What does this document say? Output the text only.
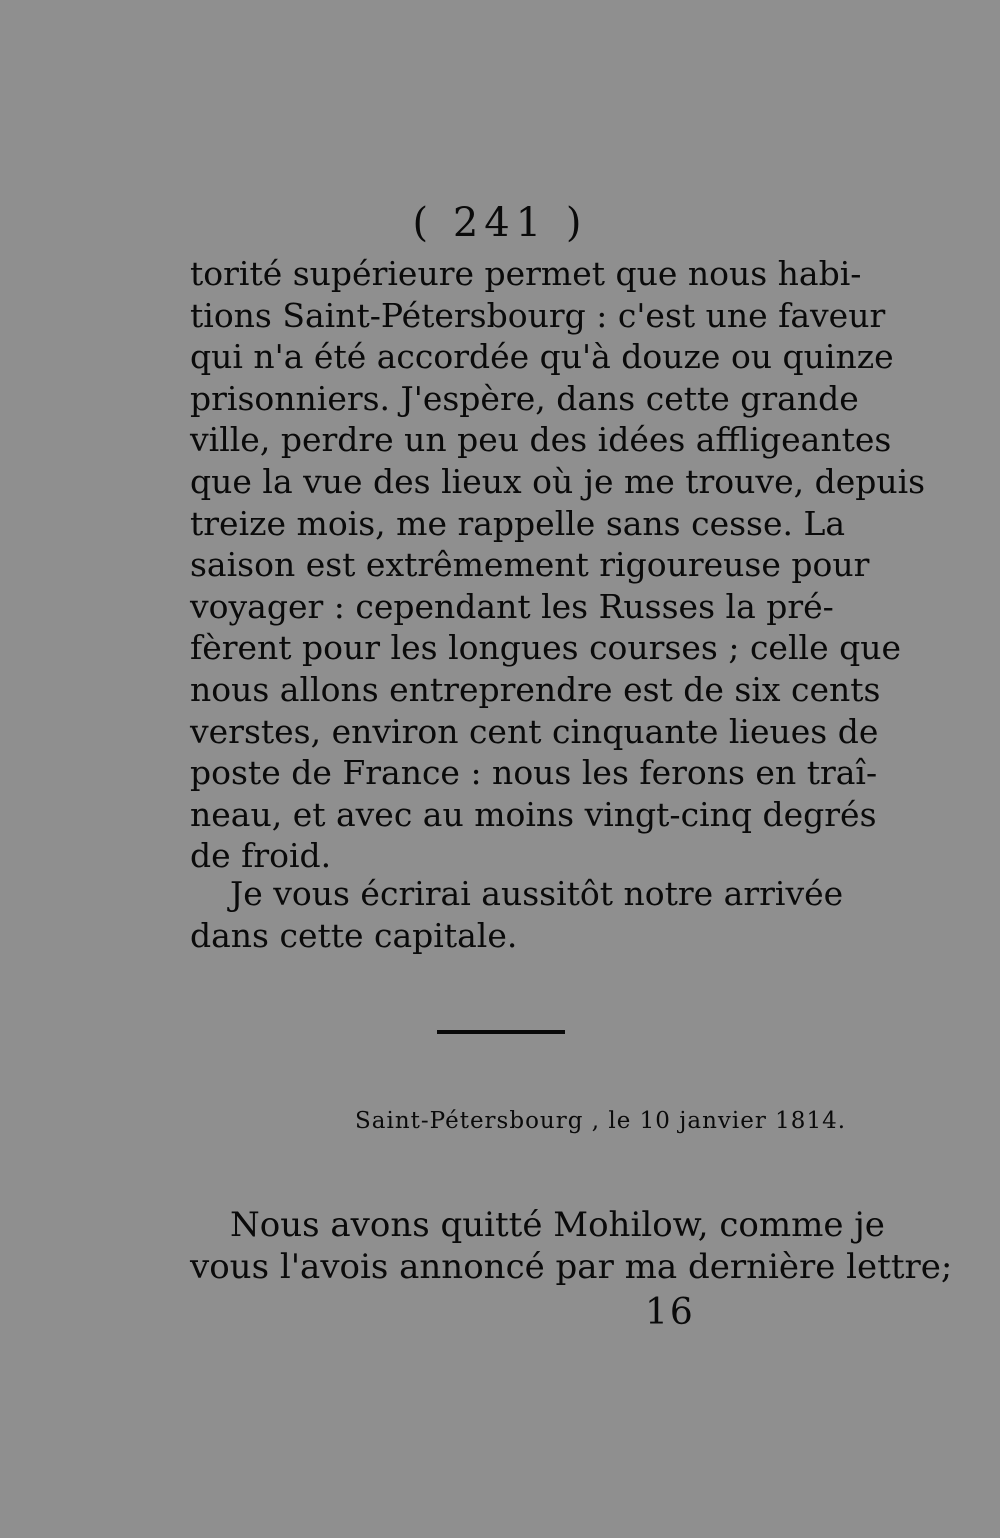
( 241 )
torité supérieure permet que nous habi-
tions Saint-Pétersbourg : c'est une faveur
qui n'a été accordée qu'à douze ou quinze
prisonniers. J'espère, dans cette grande
ville, perdre un peu des idées affligeantes
que la vue des lieux où je me trouve, depuis
treize mois, me rappelle sans cesse. La
saison est extrêmement rigoureuse pour
voyager : cependant les Russes la pré-
fèrent pour les longues courses ; celle que
nous allons entreprendre est de six cents
verstes, environ cent cinquante lieues de
poste de France : nous les ferons en traî-
neau, et avec au moins vingt-cinq degrés
de froid.
Je vous écrirai aussitôt notre arrivée
dans cette capitale.
Saint-Pétersbourg , le 10 janvier 1814.
Nous avons quitté Mohilow, comme je
vous l'avois annoncé par ma dernière lettre;
16
